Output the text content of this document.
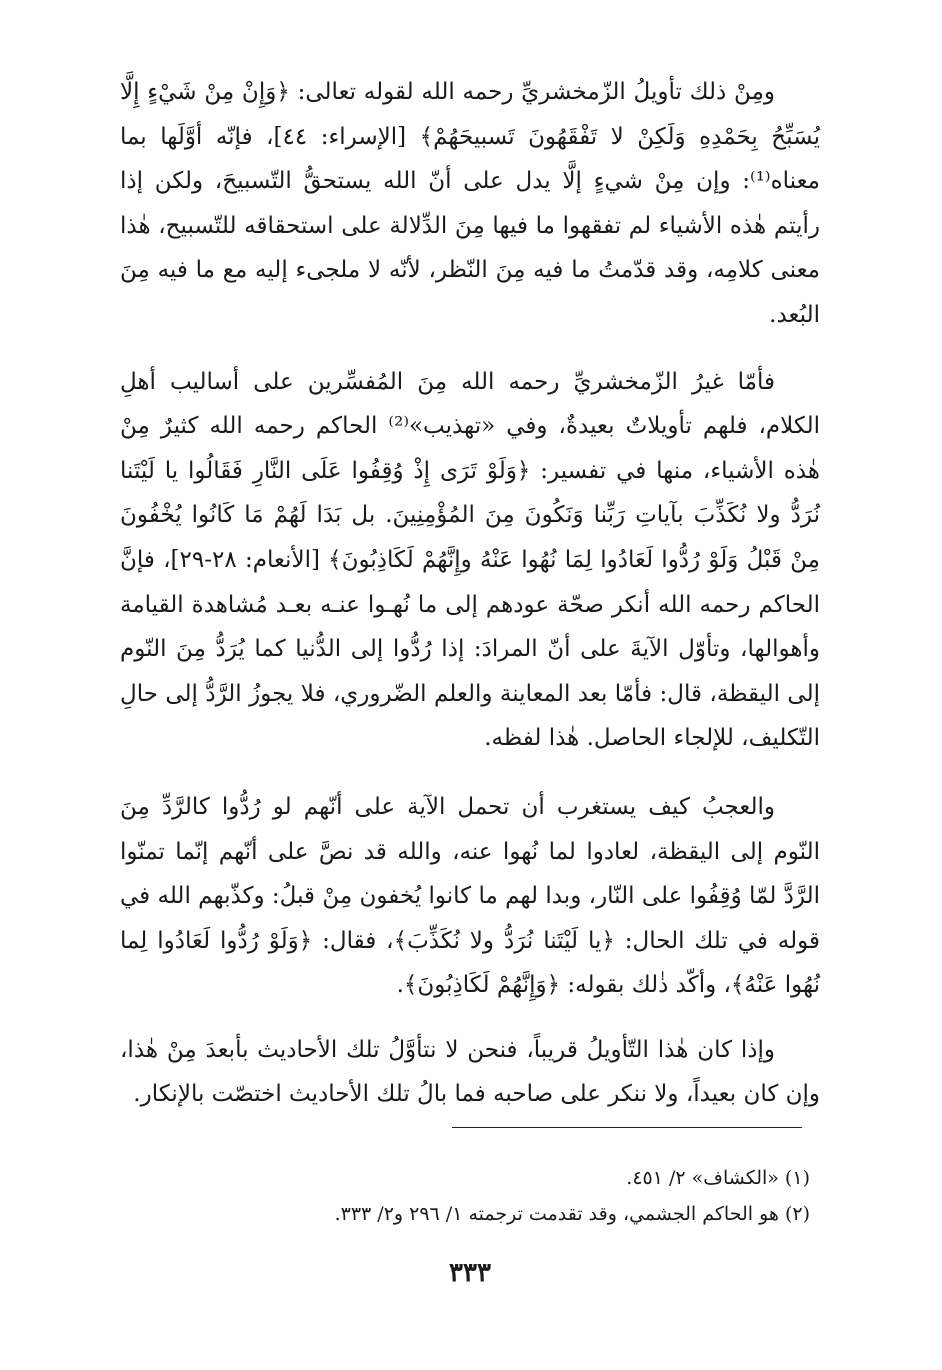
ومِنْ ذلك تأويلُ الزّمخشريِّ رحمه الله لقوله تعالى: ﴿وَإِنْ مِنْ شَيْءٍ إِلَّا يُسَبِّحُ بِحَمْدِهِ وَلَكِنْ لا تَفْقَهُونَ تَسبيحَهُمْ﴾ [الإسراء: ٤٤]، فإنّه أوَّلَها بما معناه⁽¹⁾: وإن مِنْ شيءٍ إلَّا يدل على أنّ الله يستحقُّ التّسبيحَ، ولكن إذا رأيتم هٰذه الأشياء لم تفقهوا ما فيها مِنَ الدِّلالة على استحقاقه للتّسبيح، هٰذا معنى كلامِه، وقد قدّمتُ ما فيه مِنَ النّظر، لأنّه لا ملجىء إليه مع ما فيه مِنَ البُعد.

فأمّا غيرُ الزّمخشريِّ رحمه الله مِنَ المُفسِّرين على أساليب أهلِ الكلام، فلهم تأويلاتٌ بعيدةٌ، وفي «تهذيب»⁽²⁾ الحاكم رحمه الله كثيرٌ مِنْ هٰذه الأشياء، منها في تفسير: ﴿وَلَوْ تَرَى إِذْ وُقِفُوا عَلَى النَّارِ فَقَالُوا يا لَيْتَنا نُرَدُّ ولا نُكَذِّبَ بآياتِ رَبِّنا وَنَكُونَ مِنَ المُؤْمِنِينَ. بل بَدَا لَهُمْ مَا كَانُوا يُخْفُونَ مِنْ قَبْلُ وَلَوْ رُدُّوا لَعَادُوا لِمَا نُهُوا عَنْهُ وإِنَّهُمْ لَكَاذِبُونَ﴾ [الأنعام: ٢٨-٢٩]، فإنَّ الحاكم رحمه الله أنكر صحّة عودهم إلى ما نُهـوا عنـه بعـد مُشاهدة القيامة وأهوالها، وتأوّل الآيةَ على أنّ المرادَ: إذا رُدُّوا إلى الدُّنيا كما يُرَدُّ مِنَ النّوم إلى اليقظة، قال: فأمّا بعد المعاينة والعلم الضّروري، فلا يجوزُ الرَّدُّ إلى حالِ التّكليف، للإلجاء الحاصل. هٰذا لفظه.

والعجبُ كيف يستغرب أن تحمل الآية على أنّهم لو رُدُّوا كالرَّدِّ مِنَ النّوم إلى اليقظة، لعادوا لما نُهوا عنه، والله قد نصَّ على أنّهم إنّما تمنّوا الرَّدَّ لمّا وُقِفُوا على النّار، وبدا لهم ما كانوا يُخفون مِنْ قبلُ: وكذّبهم الله في قوله في تلك الحال: ﴿يا لَيْتَنا نُرَدُّ ولا نُكَذِّبَ﴾، فقال: ﴿وَلَوْ رُدُّوا لَعَادُوا لِما نُهُوا عَنْهُ﴾، وأكّد ذٰلك بقوله: ﴿وَإِنَّهُمْ لَكَاذِبُونَ﴾.

وإذا كان هٰذا التّأويلُ قريباً، فنحن لا نتأوَّلُ تلك الأحاديث بأبعدَ مِنْ هٰذا، وإن كان بعيداً، ولا ننكر على صاحبه فما بالُ تلك الأحاديث اختصّت بالإنكار.

(١) «الكشاف» ٢/ ٤٥١.

(٢) هو الحاكم الجشمي، وقد تقدمت ترجمته ١/ ٢٩٦ و٢/ ٣٣٣.

٣٣٣
